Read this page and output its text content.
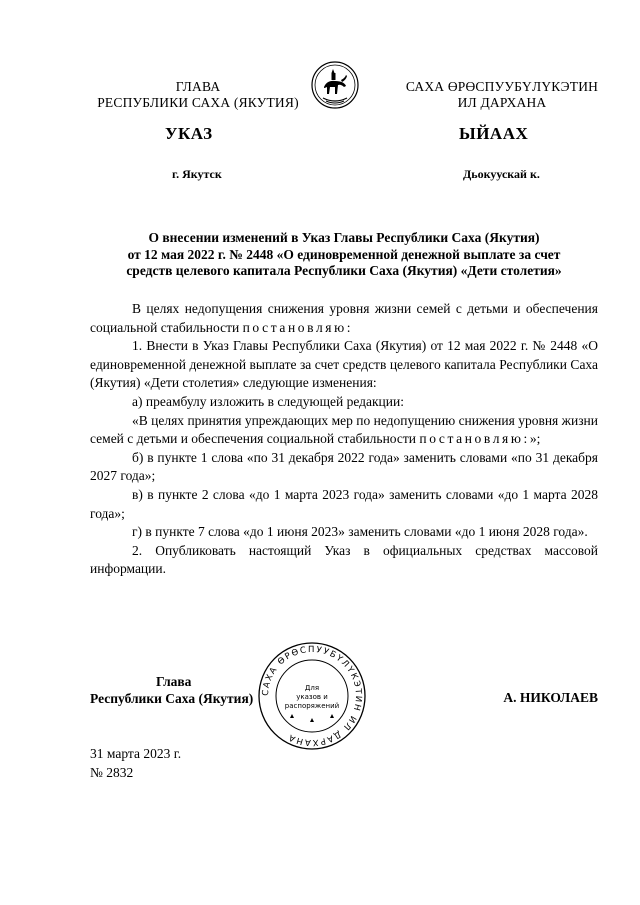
ГЛАВА
РЕСПУБЛИКИ САХА (ЯКУТИЯ)
САХА ӨРӨСПУУБҮЛҮКЭТИН
ИЛ ДАРХАНА
УКАЗ	ЫЙААХ
г. Якутск	Дьокуускай к.
О внесении изменений в Указ Главы Республики Саха (Якутия)
от 12 мая 2022 г. № 2448 «О единовременной денежной выплате за счет
средств целевого капитала Республики Саха (Якутия) «Дети столетия»

В целях недопущения снижения уровня жизни семей с детьми и обеспечения социальной стабильности постановляю:

1. Внести в Указ Главы Республики Саха (Якутия) от 12 мая 2022 г. № 2448 «О единовременной денежной выплате за счет средств целевого капитала Республики Саха (Якутия) «Дети столетия» следующие изменения:

а) преамбулу изложить в следующей редакции:

«В целях принятия упреждающих мер по недопущению снижения уровня жизни семей с детьми и обеспечения социальной стабильности постановляю:»;

б) в пункте 1 слова «по 31 декабря 2022 года» заменить словами «по 31 декабря 2027 года»;

в) в пункте 2 слова «до 1 марта 2023 года» заменить словами «до 1 марта 2028 года»;

г) в пункте 7 слова «до 1 июня 2023» заменить словами «до 1 июня 2028 года».

2. Опубликовать настоящий Указ в официальных средствах массовой информации.

Глава
Республики Саха (Якутия) САХА ӨРӨСПУУБҮЛҮКЭТИН ИЛ ДАРХАНА
Для
указов и
распоряжений
А. НИКОЛАЕВ
31 марта 2023 г.
№ 2832
